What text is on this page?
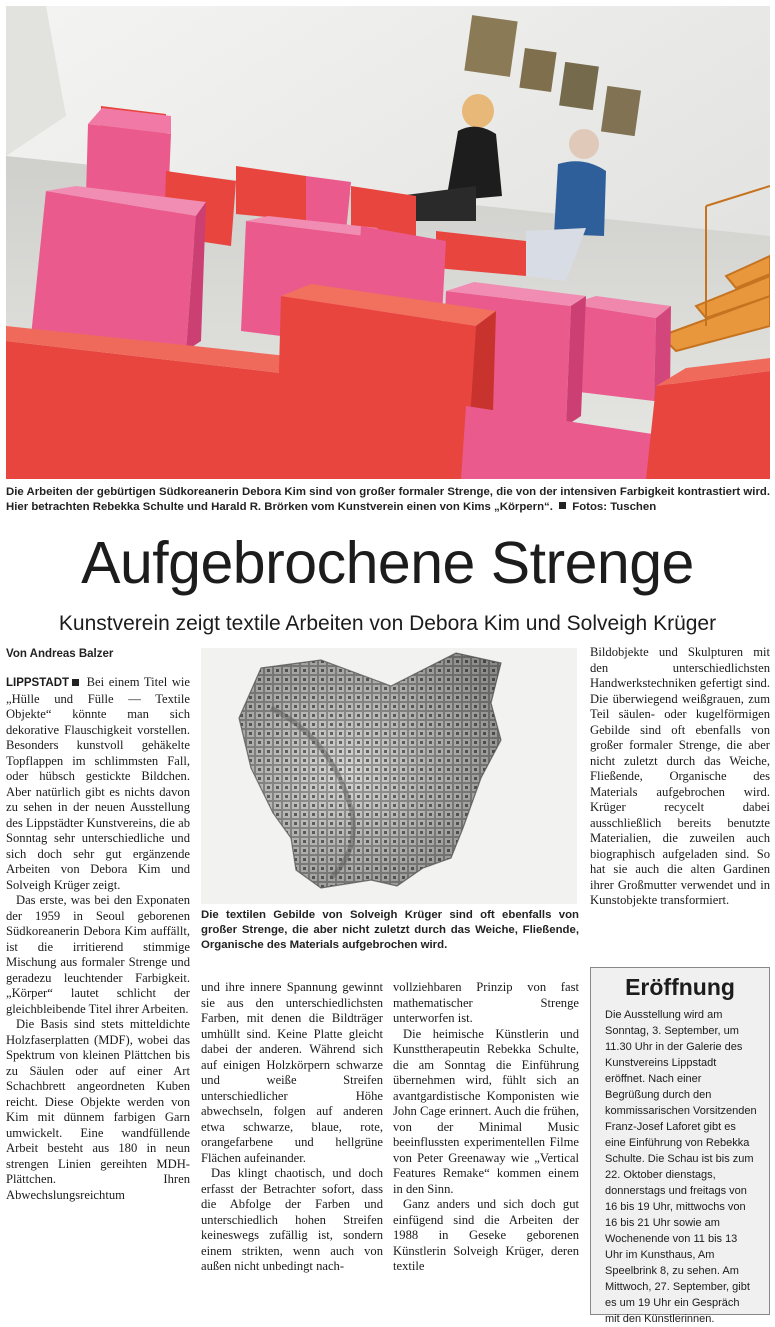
Die Arbeiten der gebürtigen Südkoreanerin Debora Kim sind von großer formaler Strenge, die von der intensiven Farbigkeit kontrastiert wird. Hier betrachten Rebekka Schulte und Harald R. Brörken vom Kunstverein einen von Kims „Körpern“. Fotos: Tuschen
Aufgebrochene Strenge
Kunstverein zeigt textile Arbeiten von Debora Kim und Solveigh Krüger
Von Andreas Balzer

LIPPSTADT Bei einem Titel wie „Hülle und Fülle — Textile Objekte“ könnte man sich dekorative Flauschigkeit vorstellen. Besonders kunstvoll gehäkelte Topflappen im schlimmsten Fall, oder hübsch gestickte Bildchen. Aber natürlich gibt es nichts davon zu sehen in der neuen Ausstellung des Lippstädter Kunstvereins, die ab Sonntag sehr unterschiedliche und sich doch sehr gut ergänzende Arbeiten von Debora Kim und Solveigh Krüger zeigt.

Das erste, was bei den Exponaten der 1959 in Seoul geborenen Südkoreanerin Debora Kim auffällt, ist die irritierend stimmige Mischung aus formaler Strenge und geradezu leuchtender Farbigkeit. „Körper“ lautet schlicht der gleichbleibende Titel ihrer Arbeiten.

Die Basis sind stets mitteldichte Holzfaserplatten (MDF), wobei das Spektrum von kleinen Plättchen bis zu Säulen oder auf einer Art Schachbrett angeordneten Kuben reicht. Diese Objekte werden von Kim mit dünnem farbigen Garn umwickelt. Eine wandfüllende Arbeit besteht aus 180 in neun strengen Linien gereihten MDH-Plättchen. Ihren Abwechslungsreichtum

Die textilen Gebilde von Solveigh Krüger sind oft ebenfalls von großer Strenge, die aber nicht zuletzt durch das Weiche, Fließende, Organische des Materials aufgebrochen wird.

und ihre innere Spannung gewinnt sie aus den unterschiedlichsten Farben, mit denen die Bildträger umhüllt sind. Keine Platte gleicht dabei der anderen. Während sich auf einigen Holzkörpern schwarze und weiße Streifen unterschiedlicher Höhe abwechseln, folgen auf anderen etwa schwarze, blaue, rote, orangefarbene und hellgrüne Flächen aufeinander.

Das klingt chaotisch, und doch erfasst der Betrachter sofort, dass die Abfolge der Farben und unterschiedlich hohen Streifen keineswegs zufällig ist, sondern einem strikten, wenn auch von außen nicht unbedingt nach-

vollziehbaren Prinzip von fast mathematischer Strenge unterworfen ist.

Die heimische Künstlerin und Kunsttherapeutin Rebekka Schulte, die am Sonntag die Einführung übernehmen wird, fühlt sich an avantgardistische Komponisten wie John Cage erinnert. Auch die frühen, von der Minimal Music beeinflussten experimentellen Filme von Peter Greenaway wie „Vertical Features Remake“ kommen einem in den Sinn.

Ganz anders und sich doch gut einfügend sind die Arbeiten der 1988 in Geseke geborenen Künstlerin Solveigh Krüger, deren textile

Bildobjekte und Skulpturen mit den unterschiedlichsten Handwerkstechniken gefertigt sind. Die überwiegend weißgrauen, zum Teil säulen- oder kugelförmigen Gebilde sind oft ebenfalls von großer formaler Strenge, die aber nicht zuletzt durch das Weiche, Fließende, Organische des Materials aufgebrochen wird. Krüger recycelt dabei ausschließlich bereits benutzte Materialien, die zuweilen auch biographisch aufgeladen sind. So hat sie auch die alten Gardinen ihrer Großmutter verwendet und in Kunstobjekte transformiert.

Eröffnung
Die Ausstellung wird am Sonntag, 3. September, um 11.30 Uhr in der Galerie des Kunstvereins Lippstadt eröffnet. Nach einer Begrüßung durch den kommissarischen Vorsitzenden Franz-Josef Laforet gibt es eine Einführung von Rebekka Schulte. Die Schau ist bis zum 22. Oktober dienstags, donnerstags und freitags von 16 bis 19 Uhr, mittwochs von 16 bis 21 Uhr sowie am Wochenende von 11 bis 13 Uhr im Kunsthaus, Am Speelbrink 8, zu sehen. Am Mittwoch, 27. September, gibt es um 19 Uhr ein Gespräch mit den Künstlerinnen.
